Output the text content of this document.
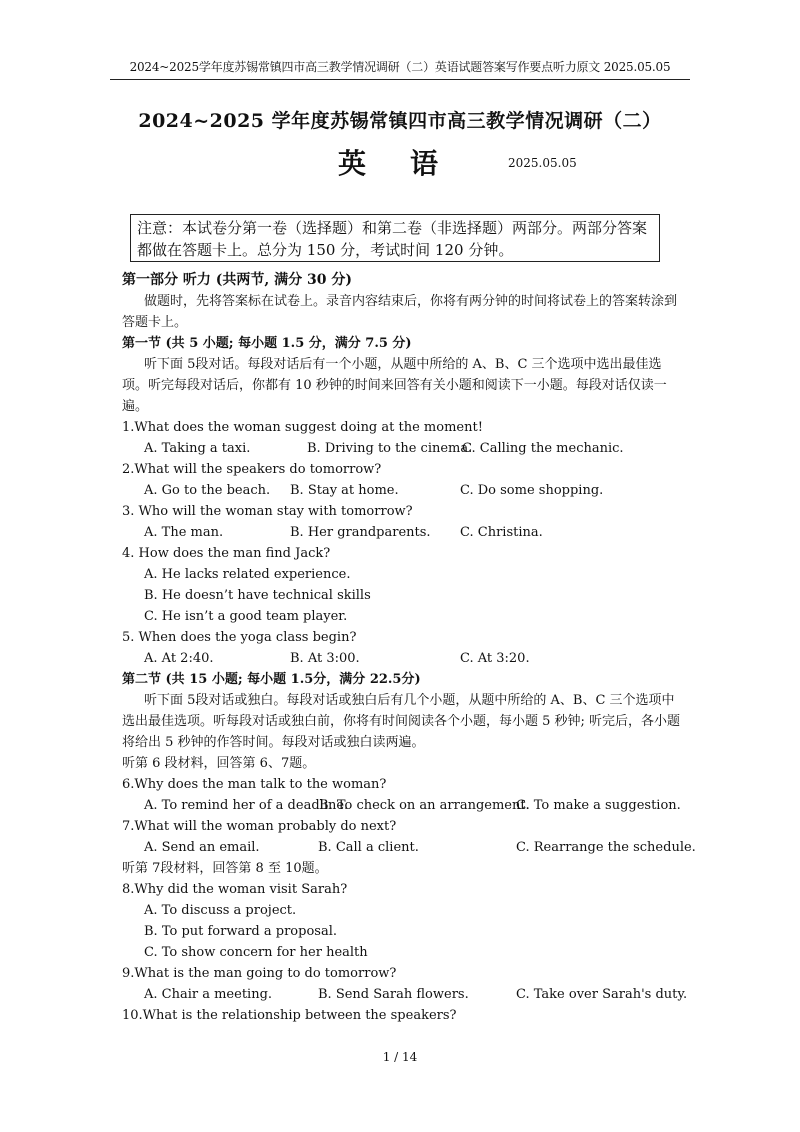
2024~2025学年度苏锡常镇四市高三教学情况调研（二）英语试题答案写作要点听力原文 2025.05.05
2024~2025 学年度苏锡常镇四市高三教学情况调研（二）
英语 2025.05.05
注意：本试卷分第一卷（选择题）和第二卷（非选择题）两部分。两部分答案都做在答题卡上。总分为 150 分，考试时间 120 分钟。
第一部分 听力 (共两节, 满分 30 分)
做题时，先将答案标在试卷上。录音内容结束后，你将有两分钟的时间将试卷上的答案转涂到答题卡上。
第一节 (共 5 小题; 每小题 1.5 分，满分 7.5 分)
听下面 5段对话。每段对话后有一个小题，从题中所给的 A、B、C 三个选项中选出最佳选项。听完每段对话后，你都有 10 秒钟的时间来回答有关小题和阅读下一小题。每段对话仅读一遍。
1.What does the woman suggest doing at the moment!
A. Taking a taxi.	B. Driving to the cinema.
C. Calling the mechanic.
2.What will the speakers do tomorrow?
A. Go to the beach. B. Stay at home.	C. Do some shopping.
3. Who will the woman stay with tomorrow?
A. The man.	B. Her grandparents. C. Christina.
4. How does the man find Jack?
A. He lacks related experience.
B. He doesn’t have technical skills
C. He isn’t a good team player.
5. When does the yoga class begin?
A. At 2:40.	B. At 3:00.	C. At 3:20.
第二节 (共 15 小题; 每小题 1.5分，满分 22.5分)
听下面 5段对话或独白。每段对话或独白后有几个小题，从题中所给的 A、B、C 三个选项中选出最佳选项。听每段对话或独白前，你将有时间阅读各个小题，每小题 5 秒钟; 听完后，各小题将给出 5 秒钟的作答时间。每段对话或独白读两遍。
听第 6 段材料，回答第 6、7题。
6.Why does the man talk to the woman?
A. To remind her of a deadline.
B. To check on an arrangement.
C. To make a suggestion.
7.What will the woman probably do next?
A. Send an email.	B. Call a client.	C. Rearrange the schedule.
听第 7段材料，回答第 8 至 10题。
8.Why did the woman visit Sarah?
A. To discuss a project.
B. To put forward a proposal.
C. To show concern for her health
9.What is the man going to do tomorrow?
A. Chair a meeting.	B. Send Sarah flowers.	C. Take over Sarah's duty.
10.What is the relationship between the speakers?
1 / 14
